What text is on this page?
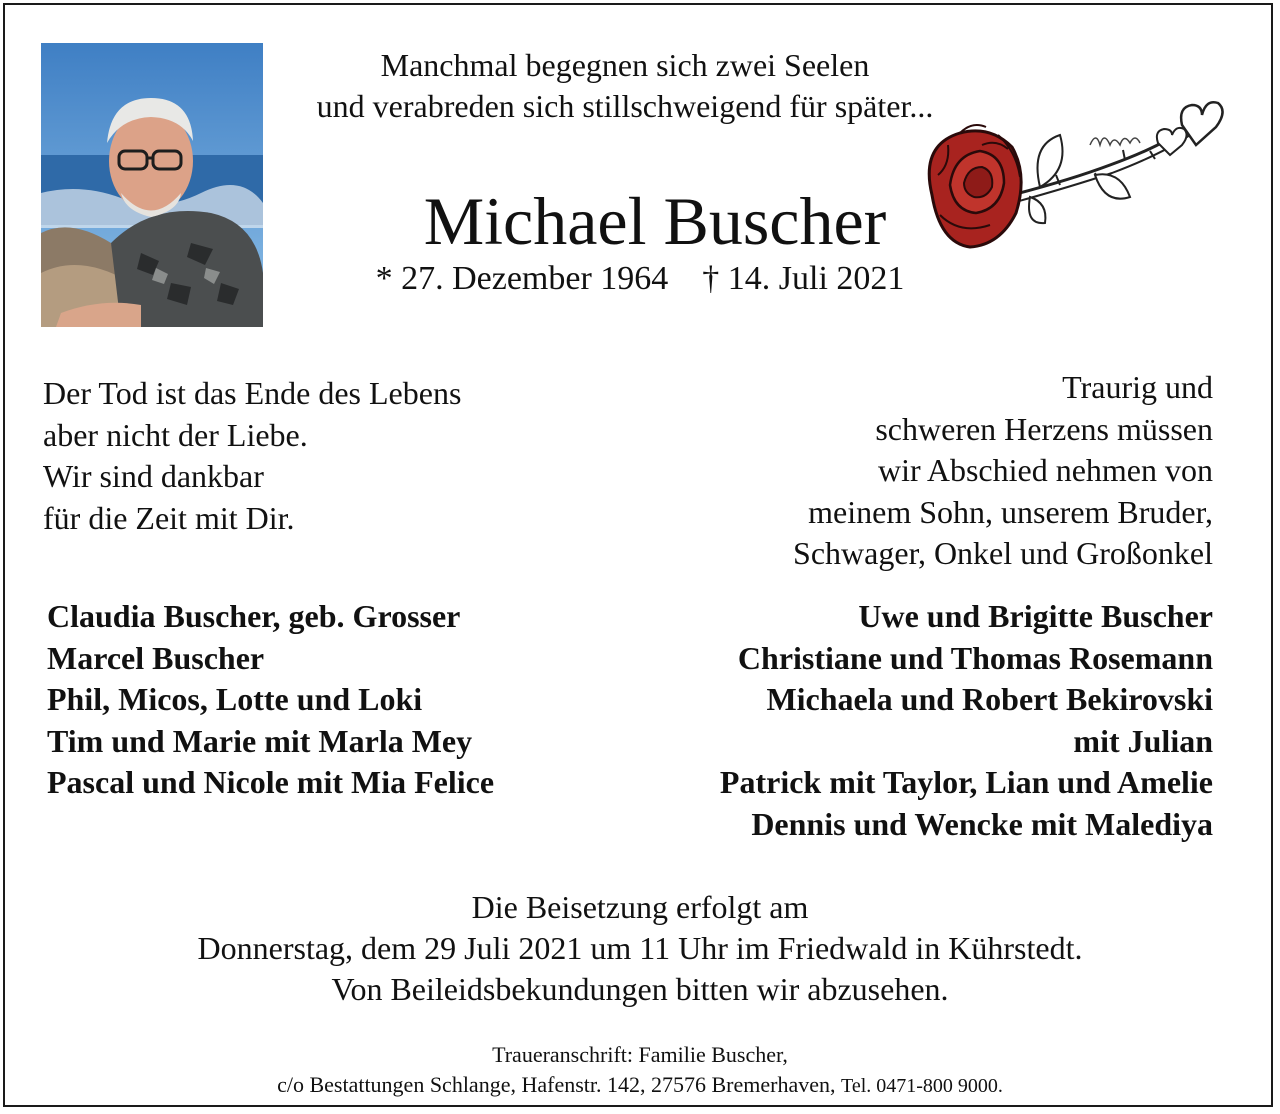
Manchmal begegnen sich zwei Seelen
und verabreden sich stillschweigend für später...
Michael Buscher
* 27. Dezember 1964 † 14. Juli 2021
Der Tod ist das Ende des Lebens
aber nicht der Liebe.
Wir sind dankbar
für die Zeit mit Dir.
Traurig und
schweren Herzens müssen
wir Abschied nehmen von
meinem Sohn, unserem Bruder,
Schwager, Onkel und Großonkel
Claudia Buscher, geb. Grosser
Marcel Buscher
Phil, Micos, Lotte und Loki
Tim und Marie mit Marla Mey
Pascal und Nicole mit Mia Felice
Uwe und Brigitte Buscher
Christiane und Thomas Rosemann
Michaela und Robert Bekirovski
mit Julian
Patrick mit Taylor, Lian und Amelie
Dennis und Wencke mit Malediya
Die Beisetzung erfolgt am
Donnerstag, dem 29 Juli 2021 um 11 Uhr im Friedwald in Kührstedt.
Von Beileidsbekundungen bitten wir abzusehen.
Traueranschrift: Familie Buscher,
c/o Bestattungen Schlange, Hafenstr. 142, 27576 Bremerhaven, Tel. 0471-800 9000.
